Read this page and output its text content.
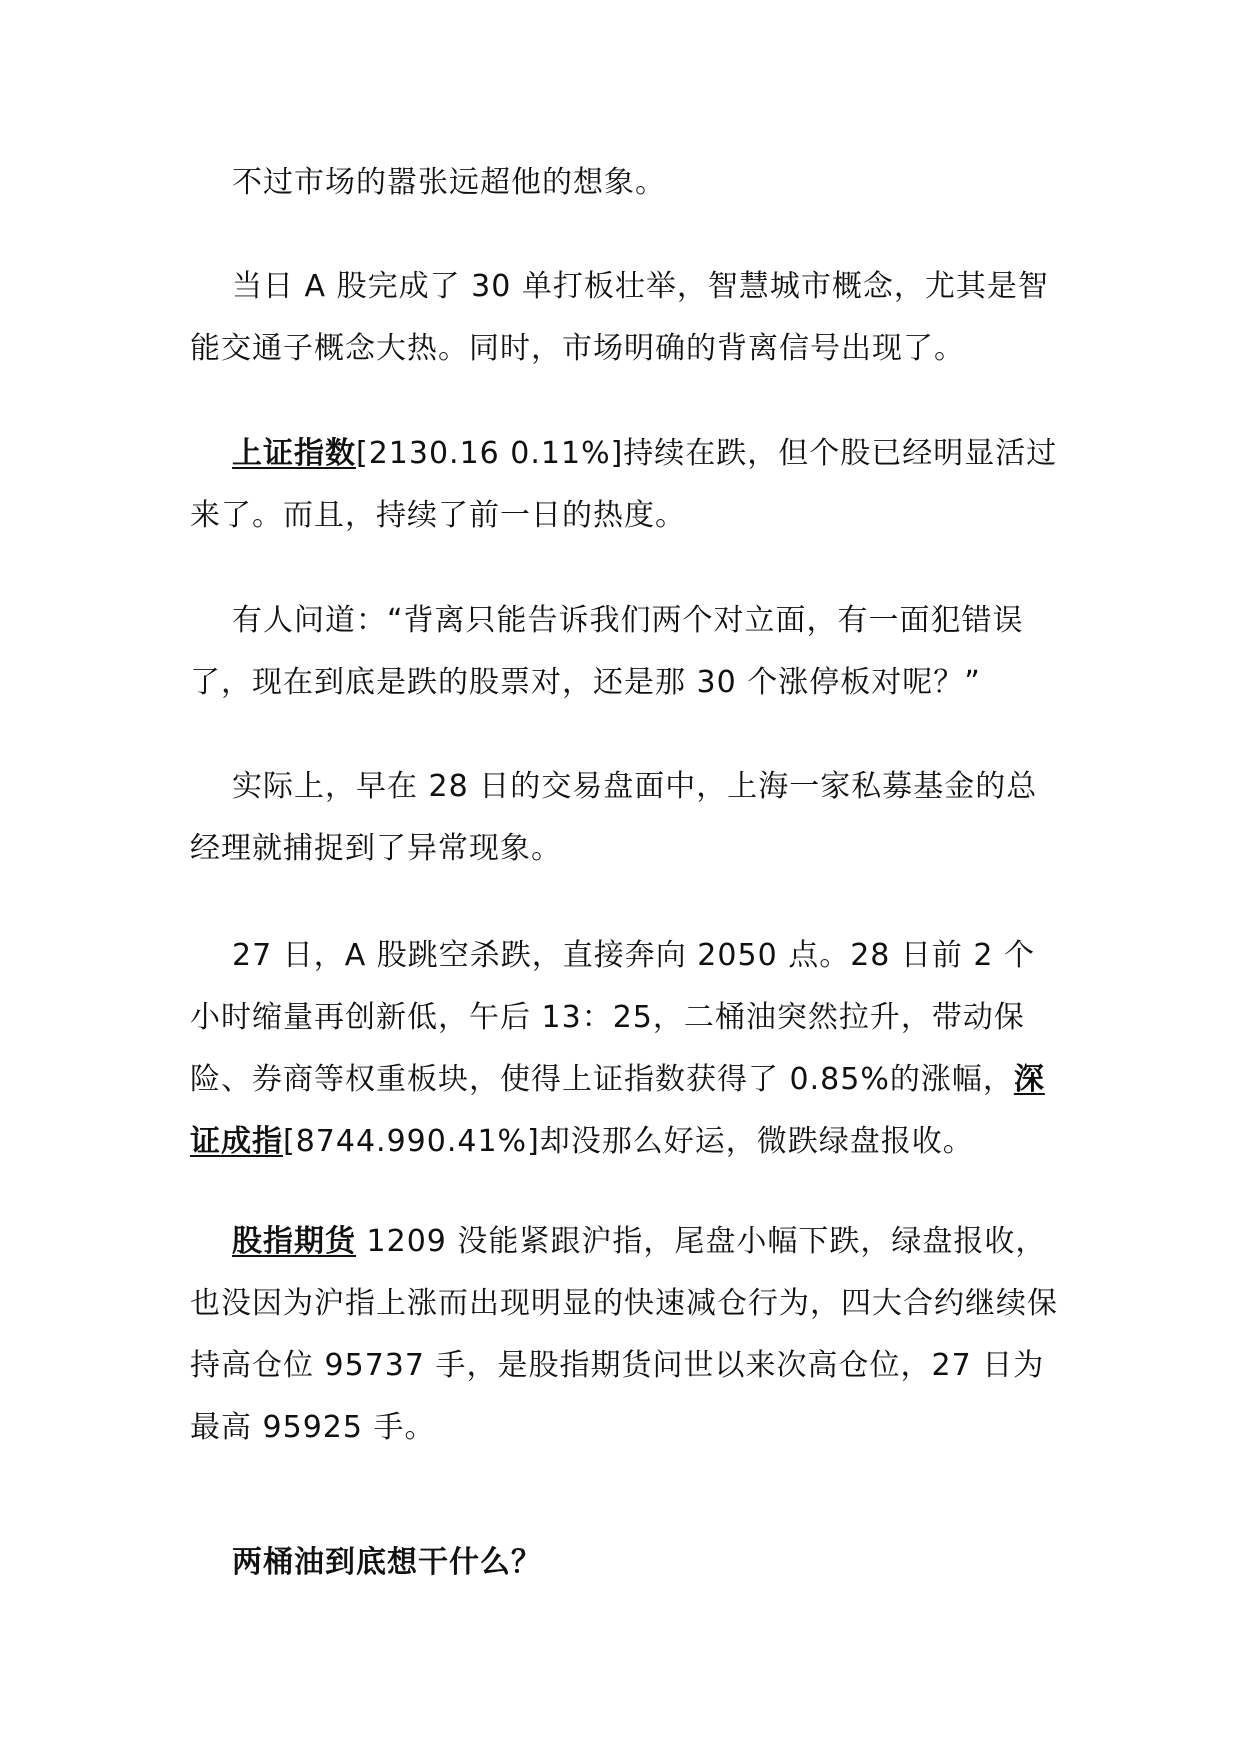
不过市场的嚣张远超他的想象。

当日 A 股完成了 30 单打板壮举，智慧城市概念，尤其是智能交通子概念大热。同时，市场明确的背离信号出现了。

上证指数[2130.16 0.11%]持续在跌，但个股已经明显活过来了。而且，持续了前一日的热度。

有人问道：“背离只能告诉我们两个对立面，有一面犯错误了，现在到底是跌的股票对，还是那 30 个涨停板对呢？”

实际上，早在 28 日的交易盘面中，上海一家私募基金的总经理就捕捉到了异常现象。

27 日，A 股跳空杀跌，直接奔向 2050 点。28 日前 2 个小时缩量再创新低，午后 13：25，二桶油突然拉升，带动保险、券商等权重板块，使得上证指数获得了 0.85%的涨幅，深证成指[8744.990.41%]却没那么好运，微跌绿盘报收。

股指期货 1209 没能紧跟沪指，尾盘小幅下跌，绿盘报收，也没因为沪指上涨而出现明显的快速减仓行为，四大合约继续保持高仓位 95737 手，是股指期货问世以来次高仓位，27 日为最高 95925 手。

两桶油到底想干什么？
